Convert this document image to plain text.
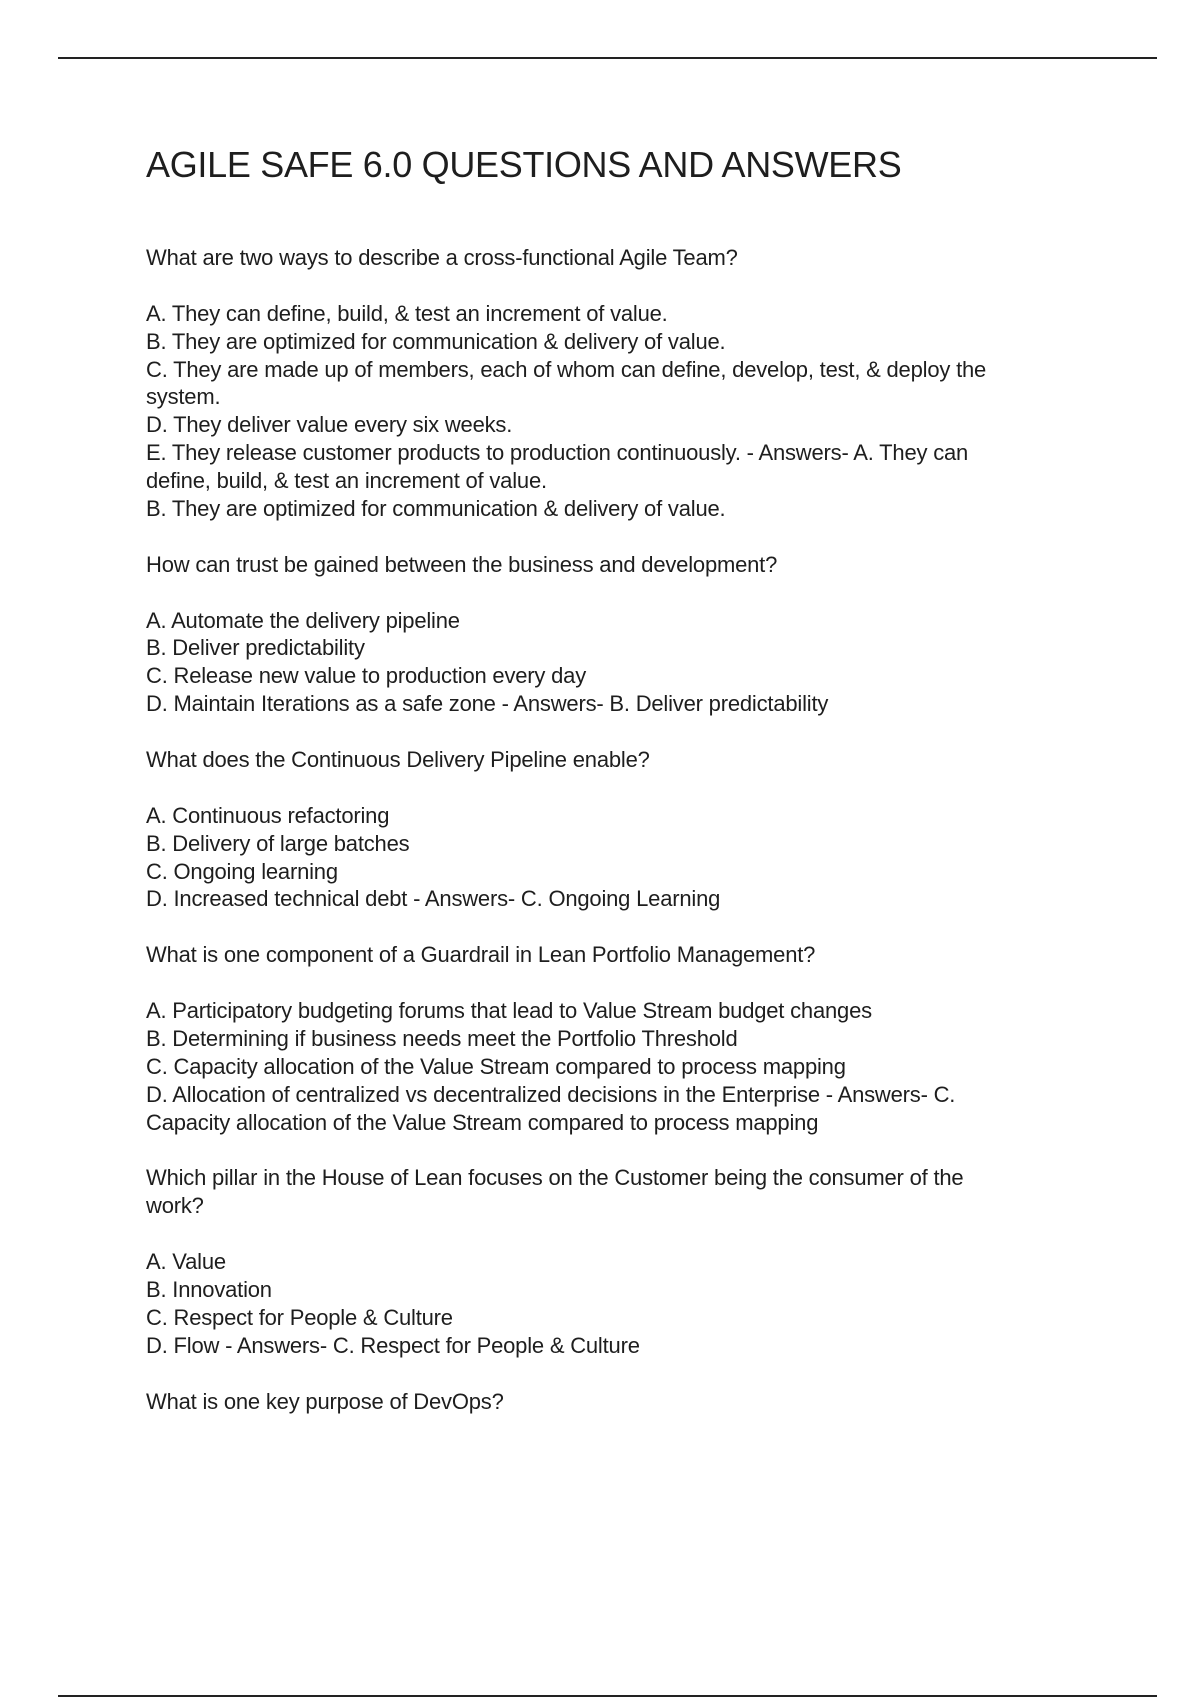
AGILE SAFE 6.0 QUESTIONS AND ANSWERS
What are two ways to describe a cross-functional Agile Team?
A. They can define, build, & test an increment of value.
B. They are optimized for communication & delivery of value.
C. They are made up of members, each of whom can define, develop, test, & deploy the
system.
D. They deliver value every six weeks.
E. They release customer products to production continuously. - Answers- A. They can
define, build, & test an increment of value.
B. They are optimized for communication & delivery of value.
How can trust be gained between the business and development?
A. Automate the delivery pipeline
B. Deliver predictability
C. Release new value to production every day
D. Maintain Iterations as a safe zone - Answers- B. Deliver predictability
What does the Continuous Delivery Pipeline enable?
A. Continuous refactoring
B. Delivery of large batches
C. Ongoing learning
D. Increased technical debt - Answers- C. Ongoing Learning
What is one component of a Guardrail in Lean Portfolio Management?
A. Participatory budgeting forums that lead to Value Stream budget changes
B. Determining if business needs meet the Portfolio Threshold
C. Capacity allocation of the Value Stream compared to process mapping
D. Allocation of centralized vs decentralized decisions in the Enterprise - Answers- C.
Capacity allocation of the Value Stream compared to process mapping
Which pillar in the House of Lean focuses on the Customer being the consumer of the
work?
A. Value
B. Innovation
C. Respect for People & Culture
D. Flow - Answers- C. Respect for People & Culture
What is one key purpose of DevOps?
